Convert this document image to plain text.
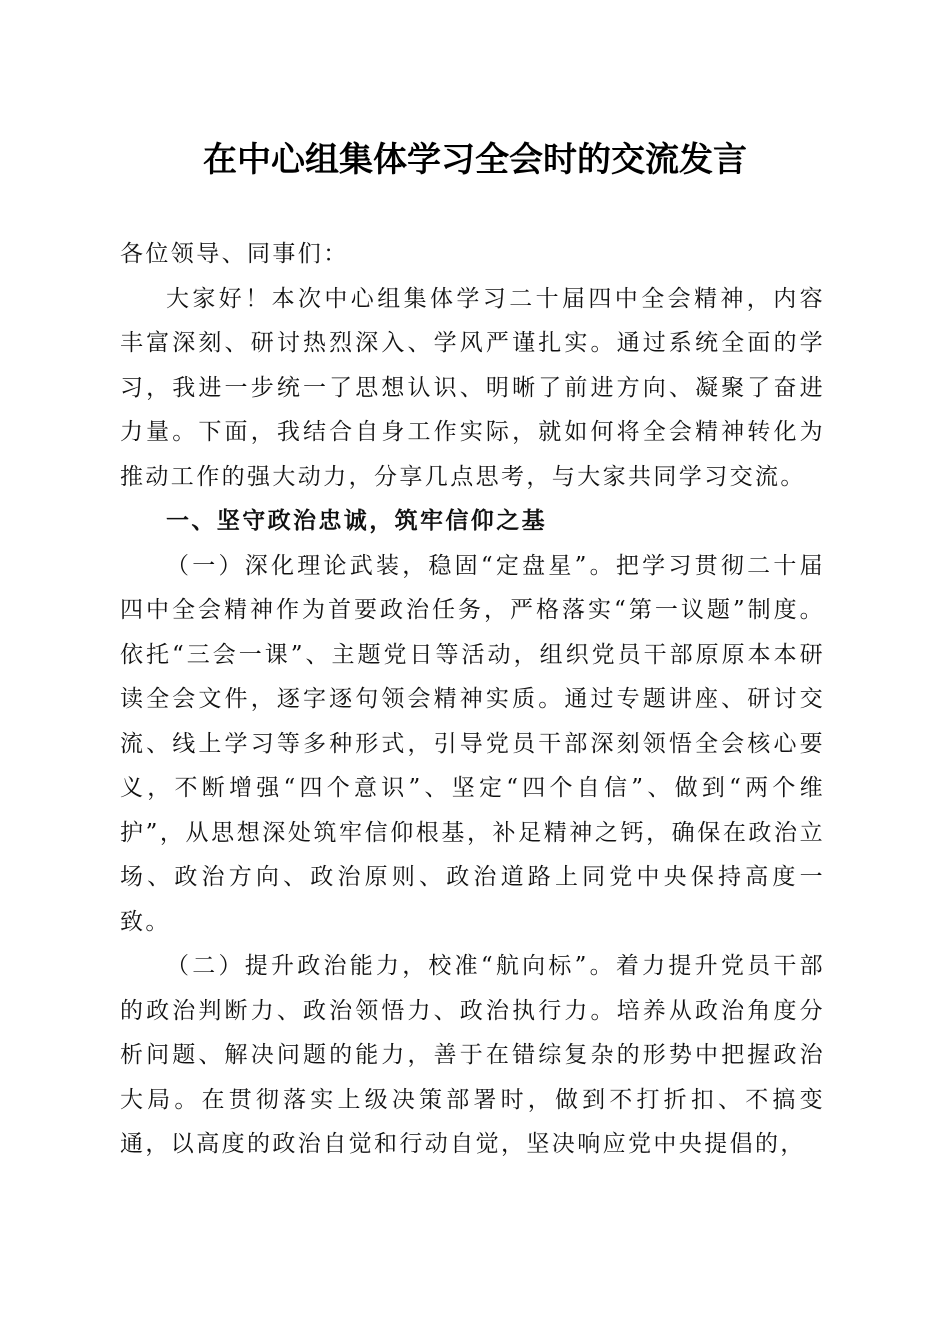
在中心组集体学习全会时的交流发言

各位领导、同事们：

大家好！本次中心组集体学习二十届四中全会精神，内容丰富深刻、研讨热烈深入、学风严谨扎实。通过系统全面的学习，我进一步统一了思想认识、明晰了前进方向、凝聚了奋进力量。下面，我结合自身工作实际，就如何将全会精神转化为推动工作的强大动力，分享几点思考，与大家共同学习交流。

一、坚守政治忠诚，筑牢信仰之基

（一）深化理论武装，稳固“定盘星”。把学习贯彻二十届四中全会精神作为首要政治任务，严格落实“第一议题”制度。依托“三会一课”、主题党日等活动，组织党员干部原原本本研读全会文件，逐字逐句领会精神实质。通过专题讲座、研讨交流、线上学习等多种形式，引导党员干部深刻领悟全会核心要义，不断增强“四个意识”、坚定“四个自信”、做到“两个维护”，从思想深处筑牢信仰根基，补足精神之钙，确保在政治立场、政治方向、政治原则、政治道路上同党中央保持高度一致。

（二）提升政治能力，校准“航向标”。着力提升党员干部的政治判断力、政治领悟力、政治执行力。培养从政治角度分析问题、解决问题的能力，善于在错综复杂的形势中把握政治大局。在贯彻落实上级决策部署时，做到不打折扣、不搞变通，以高度的政治自觉和行动自觉，坚决响应党中央提倡的，
